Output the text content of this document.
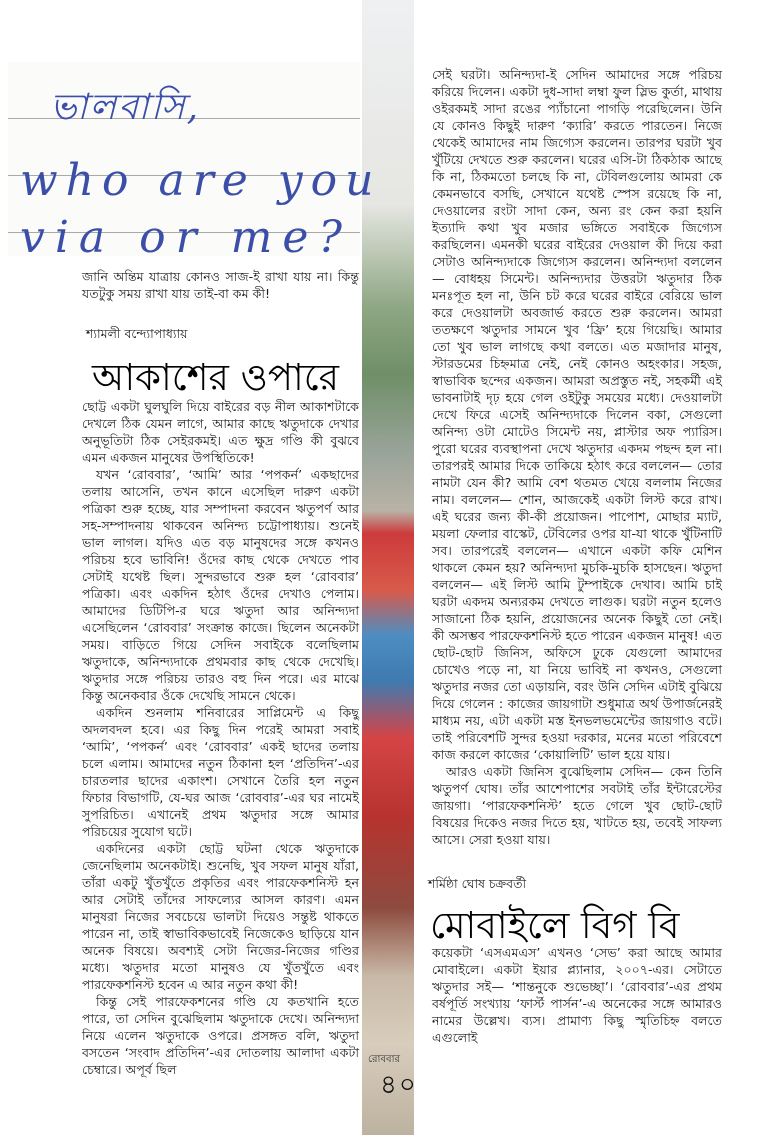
রোববার
৪০
ভালবাসি,
who are you
via or me?
জানি অন্তিম যাত্রায় কোনও সাজ-ই রাখা যায় না। কিন্তু যতটুকু সময় রাখা যায় তাই-বা কম কী!
শ্যামলী বন্দ্যোপাধ্যায়
আকাশের ওপারে

ছোট্ট একটা ঘুলঘুলি দিয়ে বাইরের বড় নীল আকাশটাকে দেখলে ঠিক যেমন লাগে, আমার কাছে ঋতুদাকে দেখার অনুভূতিটা ঠিক সেইরকমই। এত ক্ষুদ্র গণ্ডি কী বুঝবে এমন একজন মানুষের উপস্থিতিকে!

যখন ‘রোববার’, ‘আমি’ আর ‘পপকর্ন’ একছাদের তলায় আসেনি, তখন কানে এসেছিল দারুণ একটা পত্রিকা শুরু হচ্ছে, যার সম্পাদনা করবেন ঋতুপর্ণ আর সহ-সম্পাদনায় থাকবেন অনিন্দ্য চট্টোপাধ্যায়। শুনেই ভাল লাগল। যদিও এত বড় মানুষদের সঙ্গে কখনও পরিচয় হবে ভাবিনি! ওঁদের কাছ থেকে দেখতে পাব সেটাই যথেষ্ট ছিল। সুন্দরভাবে শুরু হল ‘রোববার’ পত্রিকা। এবং একদিন হঠাৎ ওঁদের দেখাও পেলাম। আমাদের ডিটিপি-র ঘরে ঋতুদা আর অনিন্দ্যদা এসেছিলেন ‘রোববার’ সংক্রান্ত কাজে। ছিলেন অনেকটা সময়। বাড়িতে গিয়ে সেদিন সবাইকে বলেছিলাম ঋতুদাকে, অনিন্দ্যদাকে প্রথমবার কাছ থেকে দেখেছি। ঋতুদার সঙ্গে পরিচয় তারও বহু দিন পরে। এর মাঝে কিন্তু অনেকবার ওঁকে দেখেছি সামনে থেকে।

একদিন শুনলাম শনিবারের সাপ্লিমেন্ট এ কিছু অদলবদল হবে। এর কিছু দিন পরেই আমরা সবাই ‘আমি’, ‘পপকর্ন’ এবং ‘রোববার’ একই ছাদের তলায় চলে এলাম। আমাদের নতুন ঠিকানা হল ‘প্রতিদিন’-এর চারতলার ছাদের একাংশ। সেখানে তৈরি হল নতুন ফিচার বিভাগটি, যে-ঘর আজ ‘রোববার’-এর ঘর নামেই সুপরিচিত। এখানেই প্রথম ঋতুদার সঙ্গে আমার পরিচয়ের সুযোগ ঘটে।

একদিনের একটা ছোট্ট ঘটনা থেকে ঋতুদাকে জেনেছিলাম অনেকটাই। শুনেছি, খুব সফল মানুষ যাঁরা, তাঁরা একটু খুঁতখুঁতে প্রকৃতির এবং পারফেকশনিস্ট হন আর সেটাই তাঁদের সাফল্যের আসল কারণ। এমন মানুষরা নিজের সবচেয়ে ভালটা দিয়েও সন্তুষ্ট থাকতে পারেন না, তাই স্বাভাবিকভাবেই নিজেকেও ছাড়িয়ে যান অনেক বিষয়ে। অবশ্যই সেটা নিজের-নিজের গণ্ডির মধ্যে। ঋতুদার মতো মানুষও যে খুঁতখুঁতে এবং পারফেকশনিস্ট হবেন এ আর নতুন কথা কী!

কিন্তু সেই পারফেকশনের গণ্ডি যে কতখানি হতে পারে, তা সেদিন বুঝেছিলাম ঋতুদাকে দেখে। অনিন্দ্যদা নিয়ে এলেন ঋতুদাকে ওপরে। প্রসঙ্গত বলি, ঋতুদা বসতেন ‘সংবাদ প্রতিদিন’-এর দোতলায় আলাদা একটা চেম্বারে। অপূর্ব ছিল

সেই ঘরটা। অনিন্দ্যদা-ই সেদিন আমাদের সঙ্গে পরিচয় করিয়ে দিলেন। একটা দুধ-সাদা লম্বা ফুল স্লিভ কুর্তা, মাথায় ওইরকমই সাদা রঙের প্যাঁচানো পাগড়ি পরেছিলেন। উনি যে কোনও কিছুই দারুণ ‘ক্যারি’ করতে পারতেন। নিজে থেকেই আমাদের নাম জিগ্যেস করলেন। তারপর ঘরটা খুব খুঁটিয়ে দেখতে শুরু করলেন। ঘরের এসি-টা ঠিকঠাক আছে কি না, ঠিকমতো চলছে কি না, টেবিলগুলোয় আমরা কে কেমনভাবে বসছি, সেখানে যথেষ্ট স্পেস রয়েছে কি না, দেওয়ালের রংটা সাদা কেন, অন্য রং কেন করা হয়নি ইত্যাদি কথা খুব মজার ভঙ্গিতে সবাইকে জিগ্যেস করছিলেন। এমনকী ঘরের বাইরের দেওয়াল কী দিয়ে করা সেটাও অনিন্দ্যদাকে জিগ্যেস করলেন। অনিন্দ্যদা বললেন— বোধহয় সিমেন্ট। অনিন্দ্যদার উত্তরটা ঋতুদার ঠিক মনঃপূত হল না, উনি চট করে ঘরের বাইরে বেরিয়ে ভাল করে দেওয়ালটা অবজার্ভ করতে শুরু করলেন। আমরা ততক্ষণে ঋতুদার সামনে খুব ‘ফ্রি’ হয়ে গিয়েছি। আমার তো খুব ভাল লাগছে কথা বলতে। এত মজাদার মানুষ, স্টারডমের চিহ্নমাত্র নেই, নেই কোনও অহংকার। সহজ, স্বাভাবিক ছন্দের একজন। আমরা অপ্রস্তুত নই, সহকর্মী এই ভাবনাটাই দৃঢ় হয়ে গেল ওইটুকু সময়ের মধ্যে। দেওয়ালটা দেখে ফিরে এসেই অনিন্দ্যদাকে দিলেন বকা, সেগুলো অনিন্দ্য ওটা মোটেও সিমেন্ট নয়, প্লাস্টার অফ প্যারিস। পুরো ঘরের ব্যবস্থাপনা দেখে ঋতুদার একদম পছন্দ হল না। তারপরই আমার দিকে তাকিয়ে হঠাৎ করে বললেন— তোর নামটা যেন কী? আমি বেশ থতমত খেয়ে বললাম নিজের নাম। বললেন— শোন, আজকেই একটা লিস্ট করে রাখ। এই ঘরের জন্য কী-কী প্রয়োজন। পাপোশ, মোছার ম্যাট, ময়লা ফেলার বাস্কেট, টেবিলের ওপর যা-যা থাকে খুঁটিনাটি সব। তারপরেই বললেন— এখানে একটা কফি মেশিন থাকলে কেমন হয়? অনিন্দ্যদা মুচকি-মুচকি হাসছেন। ঋতুদা বললেন— এই লিস্ট আমি টুম্পাইকে দেখাব। আমি চাই ঘরটা একদম অন্যরকম দেখতে লাগুক। ঘরটা নতুন হলেও সাজানো ঠিক হয়নি, প্রয়োজনের অনেক কিছুই তো নেই। কী অসম্ভব পারফেকশনিস্ট হতে পারেন একজন মানুষ! এত ছোট-ছোট জিনিস, অফিসে ঢুকে যেগুলো আমাদের চোখেও পড়ে না, যা নিয়ে ভাবিই না কখনও, সেগুলো ঋতুদার নজর তো এড়ায়নি, বরং উনি সেদিন এটাই বুঝিয়ে দিয়ে গেলেন : কাজের জায়গাটা শুধুমাত্র অর্থ উপার্জনেরই মাধ্যম নয়, এটা একটা মস্ত ইনভলভমেন্টের জায়গাও বটে। তাই পরিবেশটি সুন্দর হওয়া দরকার, মনের মতো পরিবেশে কাজ করলে কাজের ‘কোয়ালিটি’ ভাল হয়ে যায়।

আরও একটা জিনিস বুঝেছিলাম সেদিন— কেন তিনি ঋতুপর্ণ ঘোষ। তাঁর আশেপাশের সবটাই তাঁর ইন্টারেস্টের জায়গা। ‘পারফেকশনিস্ট’ হতে গেলে খুব ছোট-ছোট বিষয়ের দিকেও নজর দিতে হয়, খাটতে হয়, তবেই সাফল্য আসে। সেরা হওয়া যায়।

শর্মিষ্ঠা ঘোষ চক্রবর্তী
মোবাইলে বিগ বি

কয়েকটা ‘এসএমএস’ এখনও ‘সেভ’ করা আছে আমার মোবাইলে। একটা ইয়ার প্ল্যানার, ২০০৭-এর। সেটাতে ঋতুদার সই— ‘শান্তনুকে শুভেচ্ছা’। ‘রোববার’-এর প্রথম বর্ষপূর্তি সংখ্যায় ‘ফার্স্ট পার্সন’-এ অনেকের সঙ্গে আমারও নামের উল্লেখ। ব্যস। প্রামাণ্য কিছু স্মৃতিচিহ্ন বলতে এগুলোই
